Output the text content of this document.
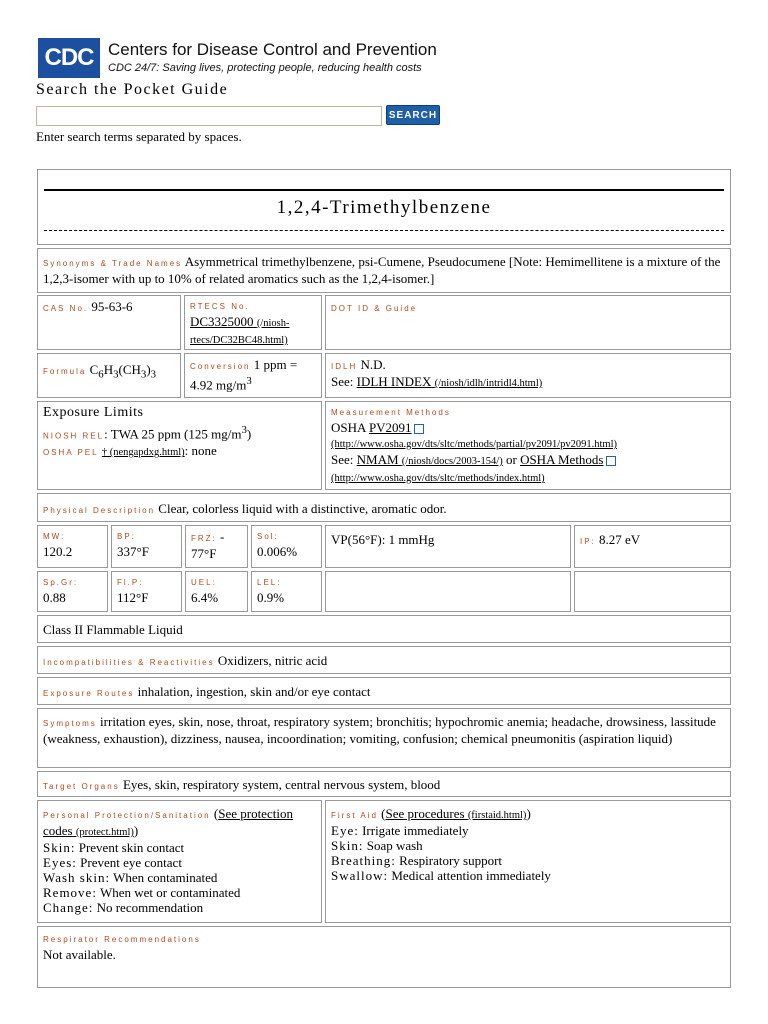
CDC Centers for Disease Control and Prevention
CDC 24/7: Saving lives, protecting people, reducing health costs
Search the Pocket Guide
SEARCH
Enter search terms separated by spaces.
1,2,4-Trimethylbenzene
Synonyms & Trade Names Asymmetrical trimethylbenzene, psi-Cumene, Pseudocumene [Note: Hemimellitene is a mixture of the 1,2,3-isomer with up to 10% of related aromatics such as the 1,2,4-isomer.]
CAS No. 95-63-6	RTECS No.
DC3325000 (/niosh-rtecs/DC32BC48.html)
DOT ID & Guide
Formula $C_6H_3(CH_3)_3$
Conversion 1 ppm =
4.92 $mg/m^3$
IDLH N.D.
See: IDLH INDEX (/niosh/idlh/intridl4.html)
Exposure Limits
NIOSH REL: TWA 25 ppm (125 $mg/m^3$)
OSHA PEL † (nengapdxg.html): none
Measurement Methods
OSHA PV2091
(http://www.osha.gov/dts/sltc/methods/partial/pv2091/pv2091.html)
See: NMAM (/niosh/docs/2003-154/) or OSHA Methods
(http://www.osha.gov/dts/sltc/methods/index.html)
Physical Description Clear, colorless liquid with a distinctive, aromatic odor.
MW:
120.2
BP:
337°F
FRZ: -
77°F
Sol:
0.006%
VP(56°F): 1 mmHg	IP: 8.27 eV
Sp.Gr:
0.88
Fl.P:
112°F
UEL:
6.4%
LEL:
0.9%
Class II Flammable Liquid
Incompatibilities & Reactivities Oxidizers, nitric acid
Exposure Routes inhalation, ingestion, skin and/or eye contact
Symptoms irritation eyes, skin, nose, throat, respiratory system; bronchitis; hypochromic anemia; headache, drowsiness, lassitude (weakness, exhaustion), dizziness, nausea, incoordination; vomiting, confusion; chemical pneumonitis (aspiration liquid)
Target Organs Eyes, skin, respiratory system, central nervous system, blood
Personal Protection/Sanitation (See protection codes (protect.html))
Skin: Prevent skin contact
Eyes: Prevent eye contact
Wash skin: When contaminated
Remove: When wet or contaminated
Change: No recommendation
First Aid (See procedures (firstaid.html))
Eye: Irrigate immediately
Skin: Soap wash
Breathing: Respiratory support
Swallow: Medical attention immediately
Respirator Recommendations
Not available.
